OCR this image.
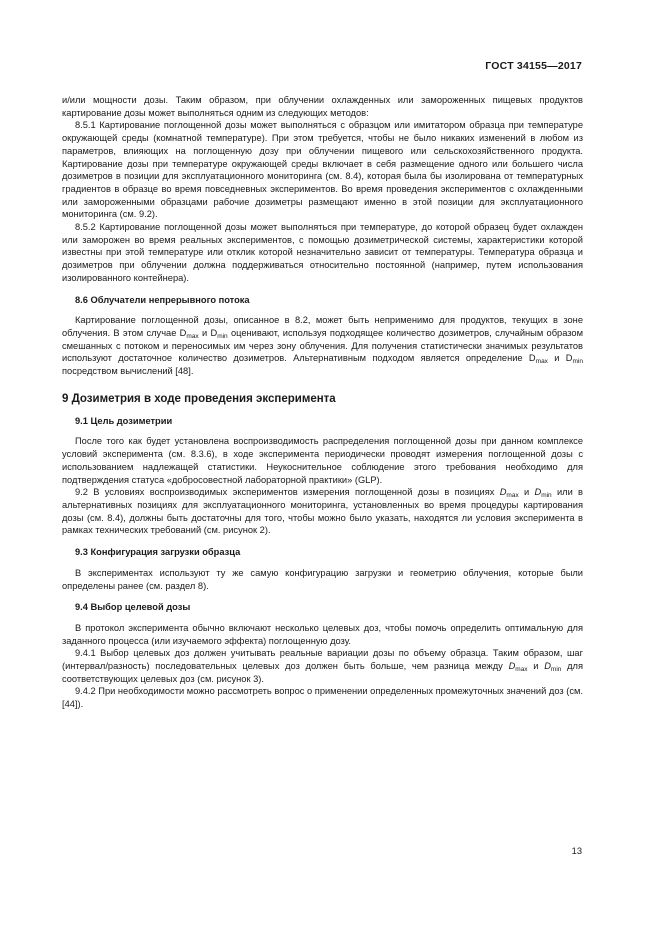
ГОСТ 34155—2017

и/или мощности дозы. Таким образом, при облучении охлажденных или замороженных пищевых продуктов картирование дозы может выполняться одним из следующих методов:

8.5.1 Картирование поглощенной дозы может выполняться с образцом или имитатором образца при температуре окружающей среды (комнатной температуре). При этом требуется, чтобы не было никаких изменений в любом из параметров, влияющих на поглощенную дозу при облучении пищевого или сельскохозяйственного продукта. Картирование дозы при температуре окружающей среды включает в себя размещение одного или большего числа дозиметров в позиции для эксплуатационного мониторинга (см. 8.4), которая была бы изолирована от температурных градиентов в образце во время повседневных экспериментов. Во время проведения экспериментов с охлажденными или замороженными образцами рабочие дозиметры размещают именно в этой позиции для эксплуатационного мониторинга (см. 9.2).

8.5.2 Картирование поглощенной дозы может выполняться при температуре, до которой образец будет охлажден или заморожен во время реальных экспериментов, с помощью дозиметрической системы, характеристики которой известны при этой температуре или отклик которой незначительно зависит от температуры. Температура образца и дозиметров при облучении должна поддерживаться относительно постоянной (например, путем использования изолированного контейнера).

8.6 Облучатели непрерывного потока

Картирование поглощенной дозы, описанное в 8.2, может быть неприменимо для продуктов, текущих в зоне облучения. В этом случае $D_{max}$ и $D_{min}$ оценивают, используя подходящее количество дозиметров, случайным образом смешанных с потоком и переносимых им через зону облучения. Для получения статистически значимых результатов используют достаточное количество дозиметров. Альтернативным подходом является определение $D_{max}$ и $D_{min}$ посредством вычислений [48].

9 Дозиметрия в ходе проведения эксперимента
9.1 Цель дозиметрии

После того как будет установлена воспроизводимость распределения поглощенной дозы при данном комплексе условий эксперимента (см. 8.3.6), в ходе эксперимента периодически проводят измерения поглощенной дозы с использованием надлежащей статистики. Неукоснительное соблюдение этого требования необходимо для подтверждения статуса «добросовестной лабораторной практики» (GLP).

9.2 В условиях воспроизводимых экспериментов измерения поглощенной дозы в позициях $D_{max}$ и $D_{min}$ или в альтернативных позициях для эксплуатационного мониторинга, установленных во время процедуры картирования дозы (см. 8.4), должны быть достаточны для того, чтобы можно было указать, находятся ли условия эксперимента в рамках технических требований (см. рисунок 2).

9.3 Конфигурация загрузки образца

В экспериментах используют ту же самую конфигурацию загрузки и геометрию облучения, которые были определены ранее (см. раздел 8).

9.4 Выбор целевой дозы

В протокол эксперимента обычно включают несколько целевых доз, чтобы помочь определить оптимальную для заданного процесса (или изучаемого эффекта) поглощенную дозу.

9.4.1 Выбор целевых доз должен учитывать реальные вариации дозы по объему образца. Таким образом, шаг (интервал/разность) последовательных целевых доз должен быть больше, чем разница между $D_{max}$ и $D_{min}$ для соответствующих целевых доз (см. рисунок 3).

9.4.2 При необходимости можно рассмотреть вопрос о применении определенных промежуточных значений доз (см. [44]).

13
